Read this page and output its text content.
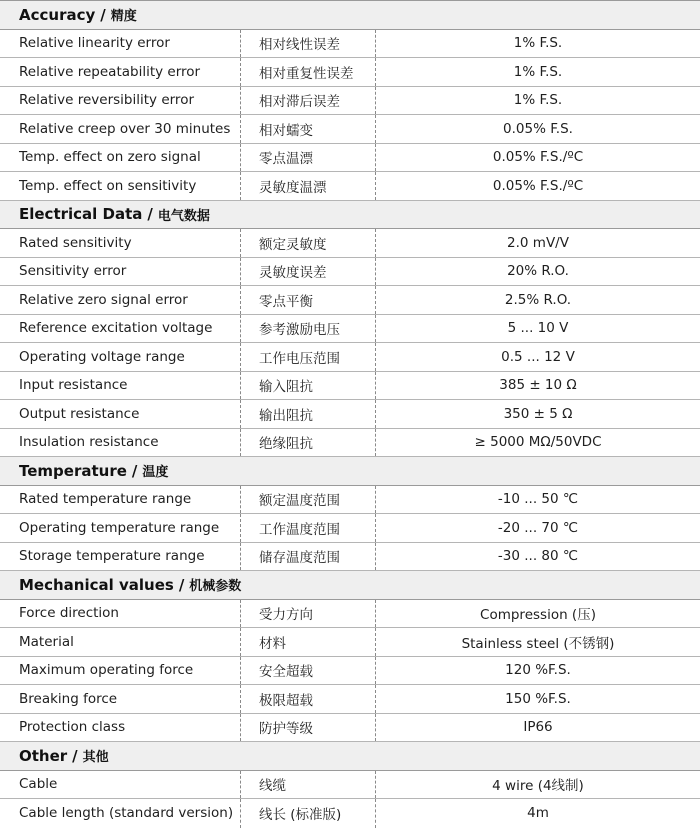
Accuracy / 精度
Relative linearity error	相对线性误差	1% F.S.
Relative repeatability error	相对重复性误差	1% F.S.
Relative reversibility error	相对滞后误差	1% F.S.
Relative creep over 30 minutes	相对蠕变	0.05% F.S.
Temp. effect on zero signal	零点温漂	0.05% F.S./ºC
Temp. effect on sensitivity	灵敏度温漂	0.05% F.S./ºC
Electrical Data / 电气数据
Rated sensitivity	额定灵敏度	2.0 mV/V
Sensitivity error	灵敏度误差	20% R.O.
Relative zero signal error	零点平衡	2.5% R.O.
Reference excitation voltage	参考激励电压	5 ... 10 V
Operating voltage range	工作电压范围	0.5 ... 12 V
Input resistance	输入阻抗	385 ± 10 Ω
Output resistance	输出阻抗	350 ± 5 Ω
Insulation resistance	绝缘阻抗	≥ 5000 MΩ/50VDC
Temperature / 温度
Rated temperature range	额定温度范围	-10 ... 50 ℃
Operating temperature range	工作温度范围	-20 ... 70 ℃
Storage temperature range	储存温度范围	-30 ... 80 ℃
Mechanical values / 机械参数
Force direction	受力方向	Compression (压)
Material	材料	Stainless steel (不锈钢)
Maximum operating force	安全超载	120 %F.S.
Breaking force	极限超载	150 %F.S.
Protection class	防护等级	IP66
Other / 其他
Cable	线缆	4 wire (4线制)
Cable length (standard version)	线长 (标准版)	4m
